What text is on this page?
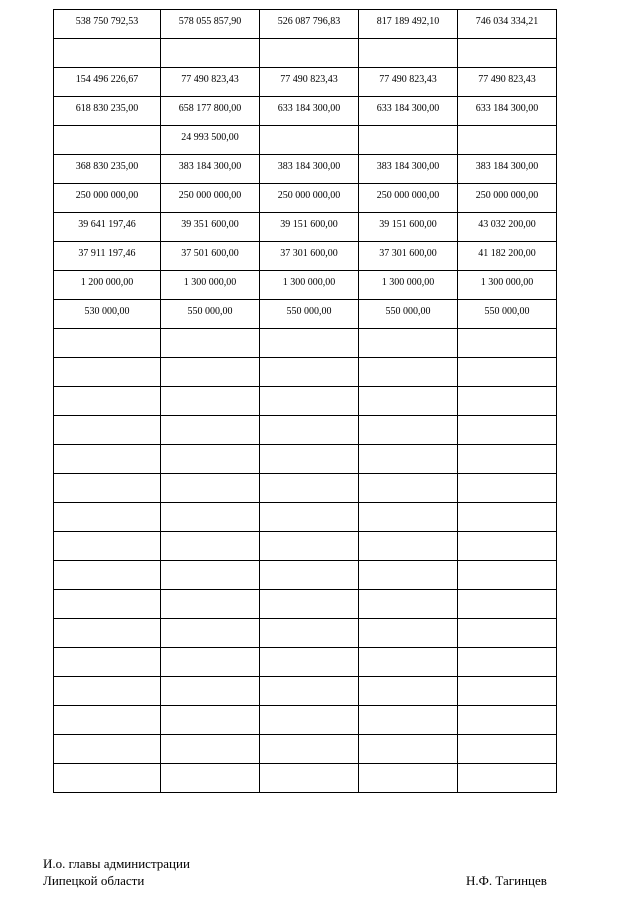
538 750 792,53	578 055 857,90	526 087 796,83	817 189 492,10	746 034 334,21

154 496 226,67	77 490 823,43	77 490 823,43	77 490 823,43	77 490 823,43
618 830 235,00	658 177 800,00	633 184 300,00	633 184 300,00	633 184 300,00
	24 993 500,00			
368 830 235,00	383 184 300,00	383 184 300,00	383 184 300,00	383 184 300,00
250 000 000,00	250 000 000,00	250 000 000,00	250 000 000,00	250 000 000,00
39 641 197,46	39 351 600,00	39 151 600,00	39 151 600,00	43 032 200,00
37 911 197,46	37 501 600,00	37 301 600,00	37 301 600,00	41 182 200,00
1 200 000,00	1 300 000,00	1 300 000,00	1 300 000,00	1 300 000,00
530 000,00	550 000,00	550 000,00	550 000,00	550 000,00

И.о. главы администрации
Липецкой области	Н.Ф. Тагинцев
